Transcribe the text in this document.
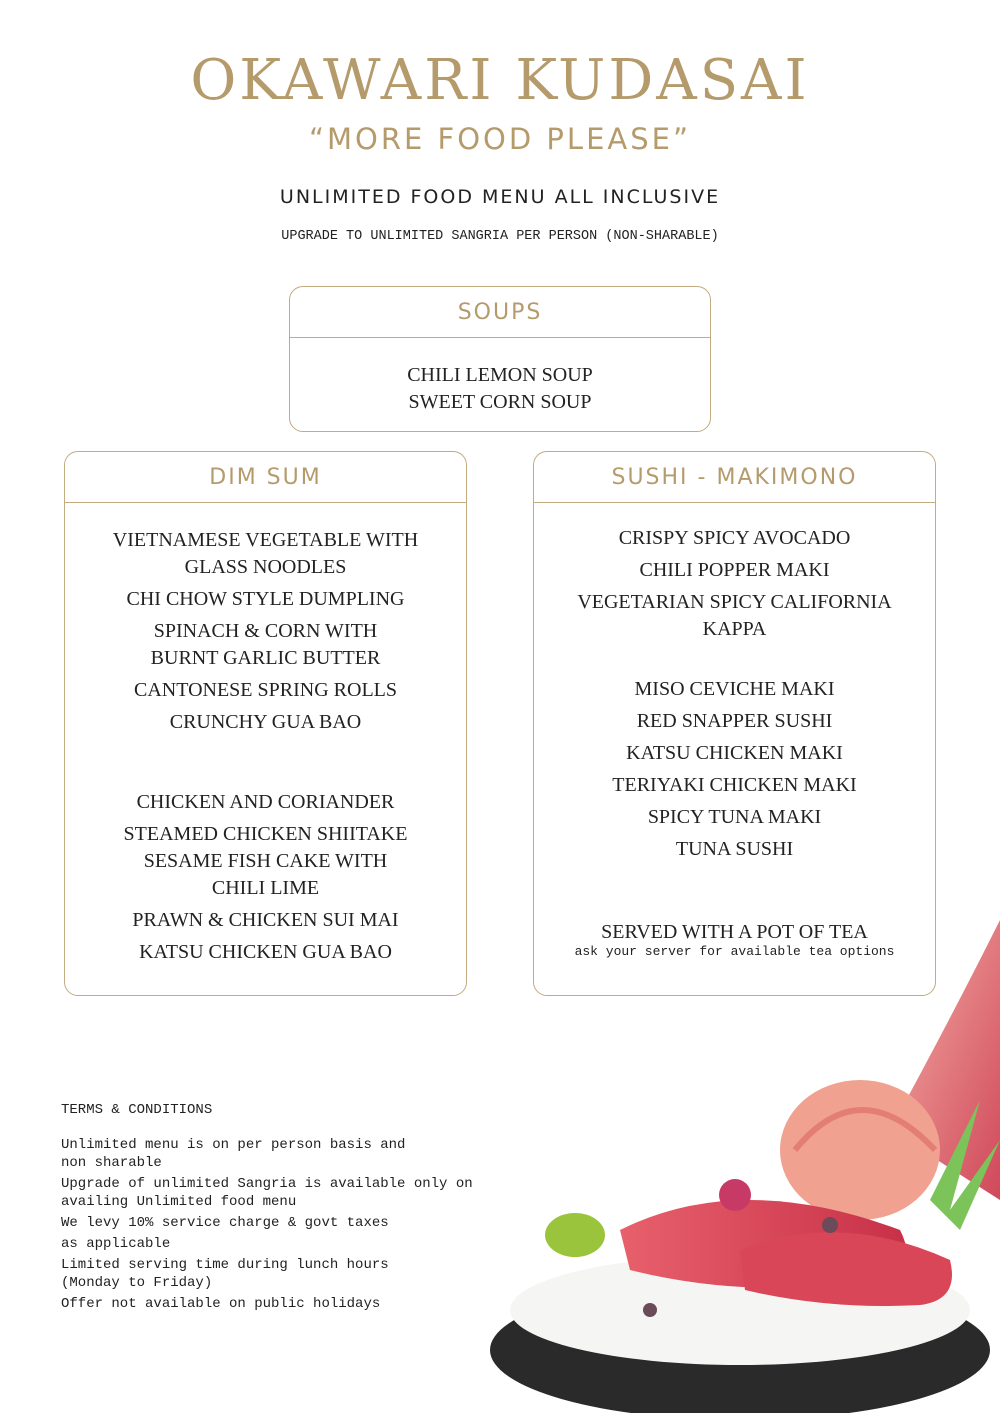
OKAWARI KUDASAI
“MORE FOOD PLEASE”
UNLIMITED FOOD MENU ALL INCLUSIVE
UPGRADE TO UNLIMITED SANGRIA PER PERSON (NON-SHARABLE)
SOUPS
CHILI LEMON SOUP
SWEET CORN SOUP
DIM SUM
VIETNAMESE VEGETABLE WITH GLASS NOODLES
CHI CHOW STYLE DUMPLING
SPINACH & CORN WITH BURNT GARLIC BUTTER
CANTONESE SPRING ROLLS
CRUNCHY GUA BAO
CHICKEN AND CORIANDER
STEAMED CHICKEN SHIITAKE
SESAME FISH CAKE WITH CHILI LIME
PRAWN & CHICKEN SUI MAI
KATSU CHICKEN GUA BAO
SUSHI - MAKIMONO
CRISPY SPICY AVOCADO
CHILI POPPER MAKI
VEGETARIAN SPICY CALIFORNIA KAPPA
MISO CEVICHE MAKI
RED SNAPPER SUSHI
KATSU CHICKEN MAKI
TERIYAKI CHICKEN MAKI
SPICY TUNA MAKI
TUNA SUSHI
SERVED WITH A POT OF TEA
ask your server for available tea options
TERMS & CONDITIONS
Unlimited menu is on per person basis and
non sharable
Upgrade of unlimited Sangria is available only on
availing Unlimited food menu
We levy 10% service charge & govt taxes
as applicable
Limited serving time during lunch hours
(Monday to Friday)
Offer not available on public holidays
